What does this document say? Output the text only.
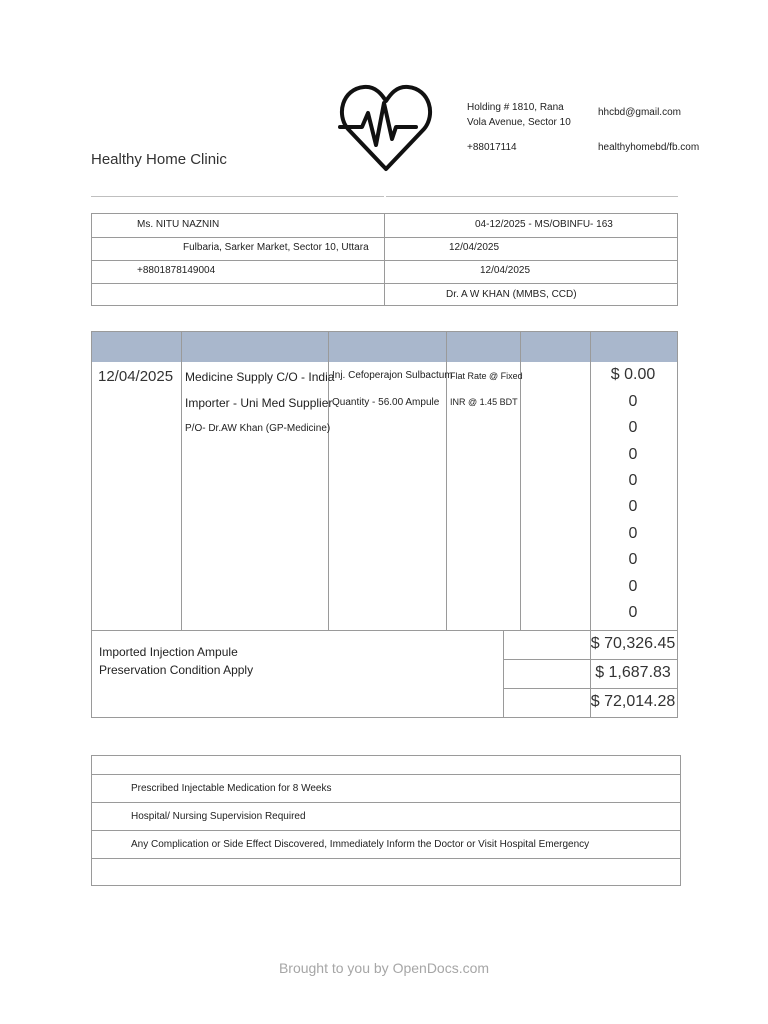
Healthy Home Clinic
Holding # 1810, Rana
Vola Avenue, Sector 10
+88017114
hhcbd@gmail.com
healthyhomebd/fb.com
Ms. NITU NAZNIN
Fulbaria, Sarker Market, Sector 10, Uttara
+8801878149004
04-12/2025 - MS/OBINFU- 163
12/04/2025
12/04/2025
Dr. A W KHAN (MMBS, CCD)
12/04/2025 Medicine Supply C/O - India
Importer - Uni Med Supplier
P/O- Dr.AW Khan (GP-Medicine)
Inj. Cefoperajon Sulbactum
Quantity - 56.00 Ampule
Flat Rate @ Fixed
INR @ 1.45 BDT
$ 0.00
0
0
0
0
0
0
0
0
0
Imported Injection Ampule
Preservation Condition Apply
$ 70,326.45
$ 1,687.83
$ 72,014.28
Prescribed Injectable Medication for 8 Weeks
Hospital/ Nursing Supervision Required
Any Complication or Side Effect Discovered, Immediately Inform the Doctor or Visit Hospital Emergency
Brought to you by OpenDocs.com
